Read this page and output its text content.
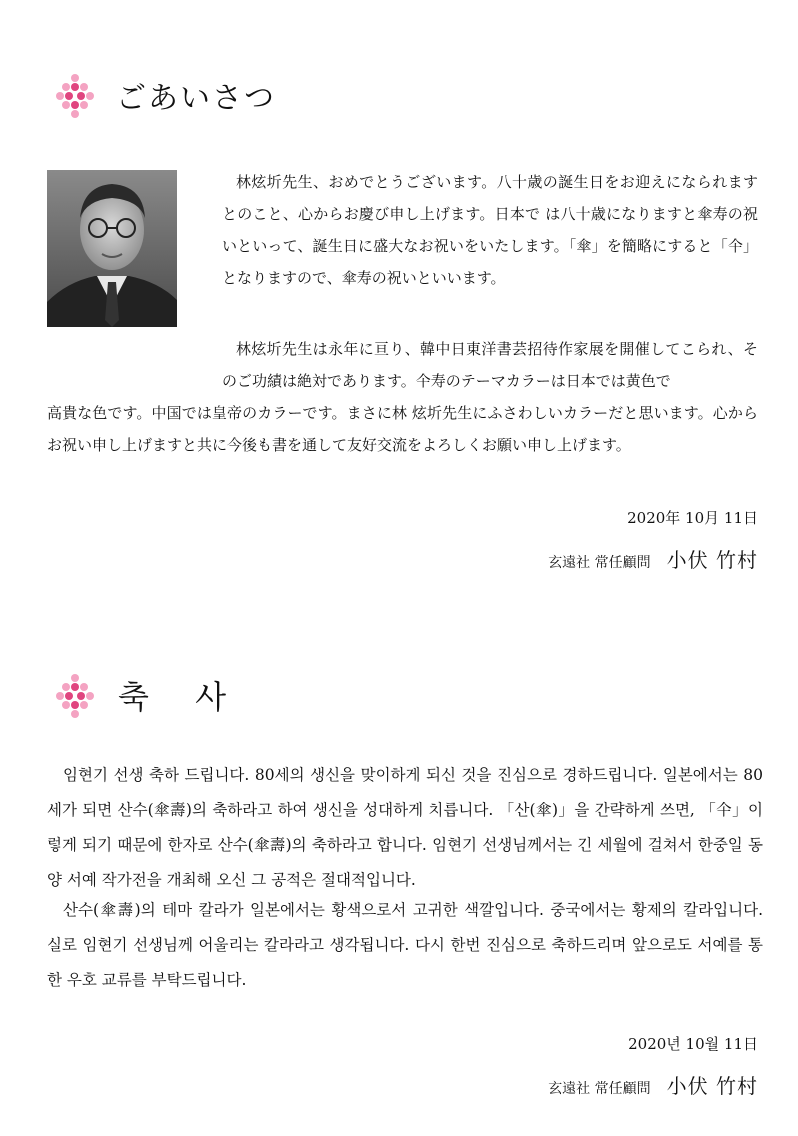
ごあいさつ

林炫圻先生、おめでとうございます。八十歳の誕生日をお迎えになられますとのこと、心からお慶び申し上げます。日本で は八十歳になりますと傘寿の祝いといって、誕生日に盛大なお祝いをいたします。「傘」を簡略にすると「仐」となりますので、傘寿の祝いといいます。

林炫圻先生は永年に亘り、韓中日東洋書芸招待作家展を開催してこられ、そのご功績は絶対であります。仐寿のテーマカラーは日本では黄色で

高貴な色です。中国では皇帝のカラーです。まさに林 炫圻先生にふさわしいカラーだと思います。心からお祝い申し上げますと共に今後も書を通して友好交流をよろしくお願い申し上げます。

2020年 10月 11日
玄遠社 常任顧問 小伏 竹村
축 사

임현기 선생 축하 드립니다. 80세의 생신을 맞이하게 되신 것을 진심으로 경하드립니다. 일본에서는 80세가 되면 산수(傘壽)의 축하라고 하여 생신을 성대하게 치릅니다. 「산(傘)」을 간략하게 쓰면, 「仐」이렇게 되기 때문에 한자로 산수(傘壽)의 축하라고 합니다. 임현기 선생님께서는 긴 세월에 걸쳐서 한중일 동양 서예 작가전을 개최해 오신 그 공적은 절대적입니다.

산수(傘壽)의 테마 칼라가 일본에서는 황색으로서 고귀한 색깔입니다. 중국에서는 황제의 칼라입니다. 실로 임현기 선생님께 어울리는 칼라라고 생각됩니다. 다시 한번 진심으로 축하드리며 앞으로도 서예를 통한 우호 교류를 부탁드립니다.

2020년 10월 11日
玄遠社 常任顧問 小伏 竹村
